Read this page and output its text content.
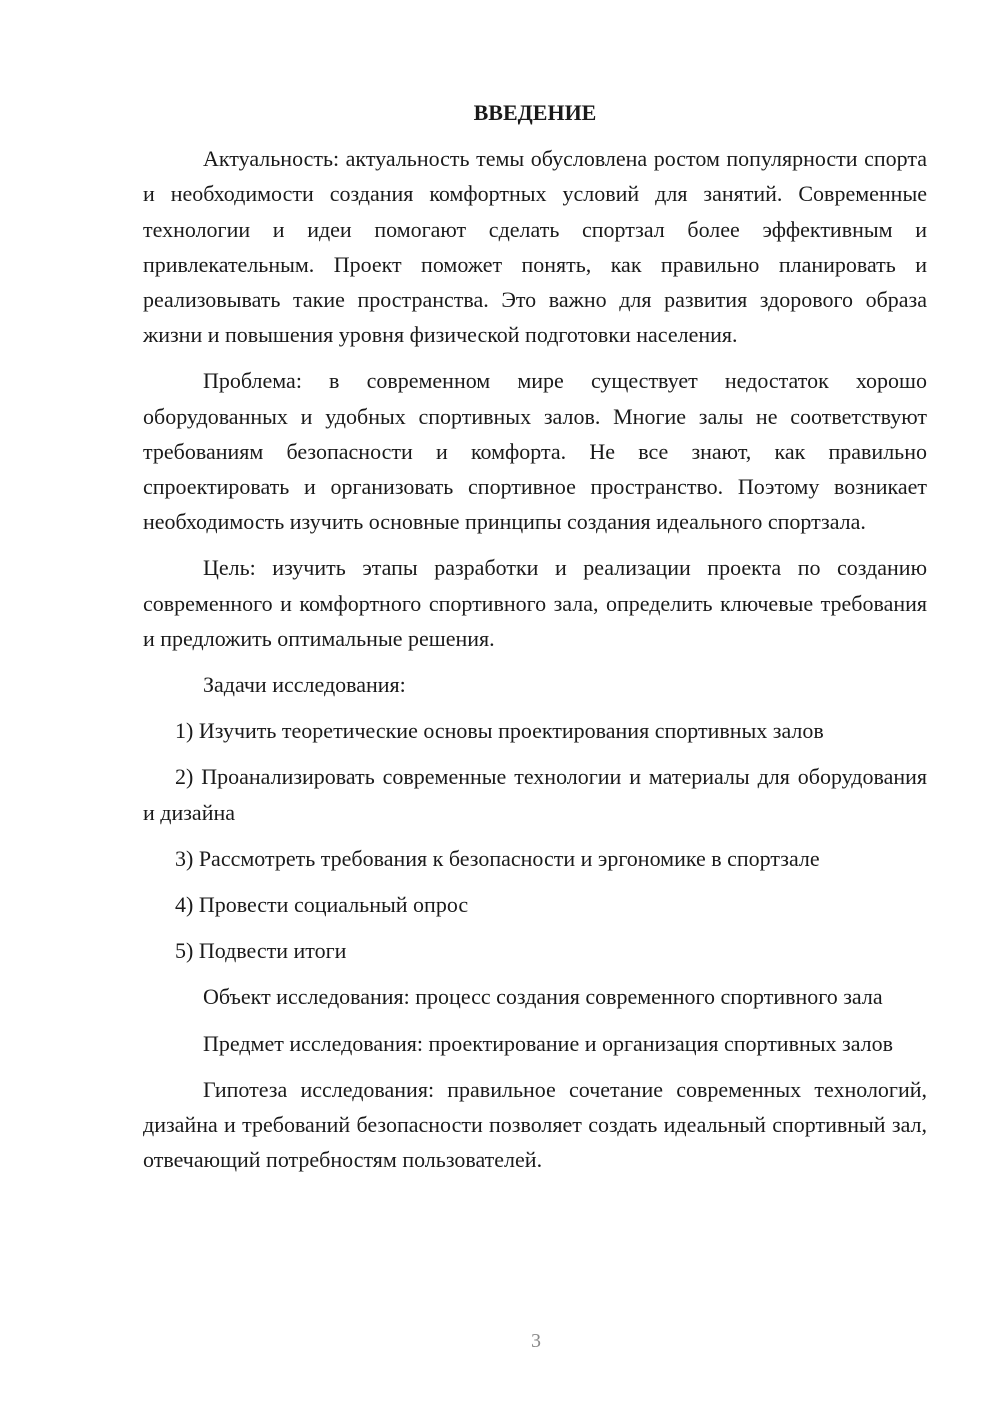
ВВЕДЕНИЕ

Актуальность: актуальность темы обусловлена ростом популярности спорта и необходимости создания комфортных условий для занятий. Современные технологии и идеи помогают сделать спортзал более эффективным и привлекательным. Проект поможет понять, как правильно планировать и реализовывать такие пространства. Это важно для развития здорового образа жизни и повышения уровня физической подготовки населения.

Проблема: в современном мире существует недостаток хорошо оборудованных и удобных спортивных залов. Многие залы не соответствуют требованиям безопасности и комфорта. Не все знают, как правильно спроектировать и организовать спортивное пространство. Поэтому возникает необходимость изучить основные принципы создания идеального спортзала.

Цель: изучить этапы разработки и реализации проекта по созданию современного и комфортного спортивного зала, определить ключевые требования и предложить оптимальные решения.

Задачи исследования:

1) Изучить теоретические основы проектирования спортивных залов

2) Проанализировать современные технологии и материалы для оборудования и дизайна

3) Рассмотреть требования к безопасности и эргономике в спортзале

4) Провести социальный опрос

5) Подвести итоги

Объект исследования: процесс создания современного спортивного зала

Предмет исследования: проектирование и организация спортивных залов

Гипотеза исследования: правильное сочетание современных технологий, дизайна и требований безопасности позволяет создать идеальный спортивный зал, отвечающий потребностям пользователей.

3
